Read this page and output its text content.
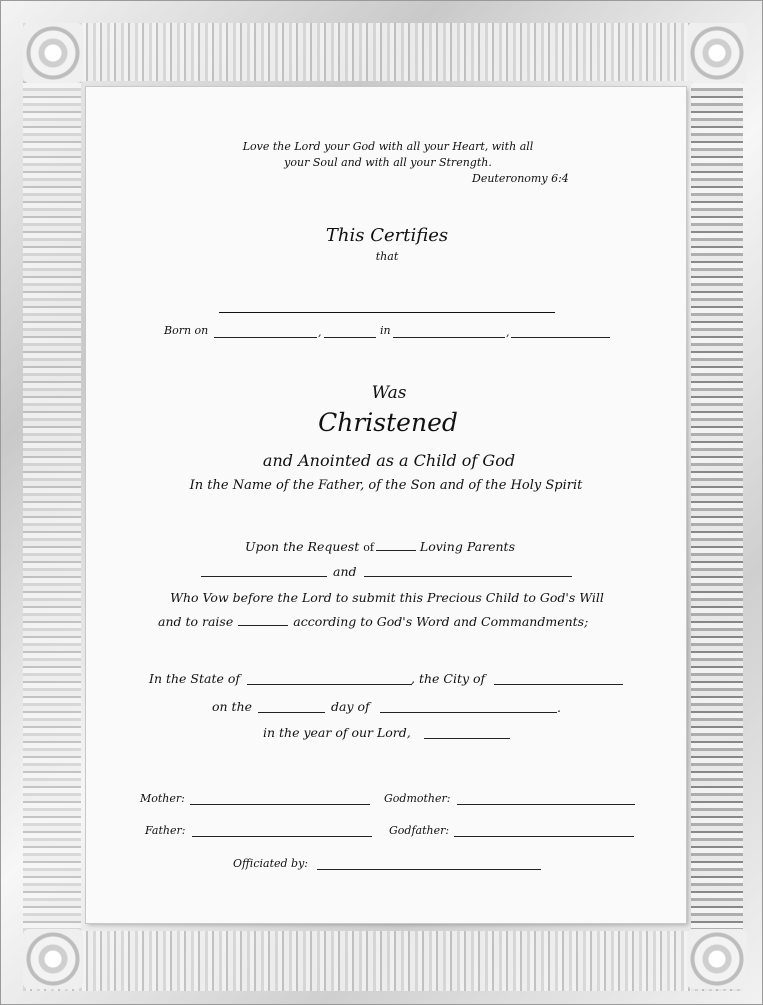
Love the Lord your God with all your Heart, with all
your Soul and with all your Strength.
Deuteronomy 6:4
This Certifies
that
Born on	,	in	,
Was
Christened
and Anointed as a Child of God
In the Name of the Father, of the Son and of the Holy Spirit
Upon the Request of	Loving Parents
and
Who Vow before the Lord to submit this Precious Child to God's Will
and to raise	according to God's Word and Commandments;
In the State of	, the City of
on the	day of	.
in the year of our Lord,
Mother:	Godmother:
Father:	Godfather:
Officiated by:
